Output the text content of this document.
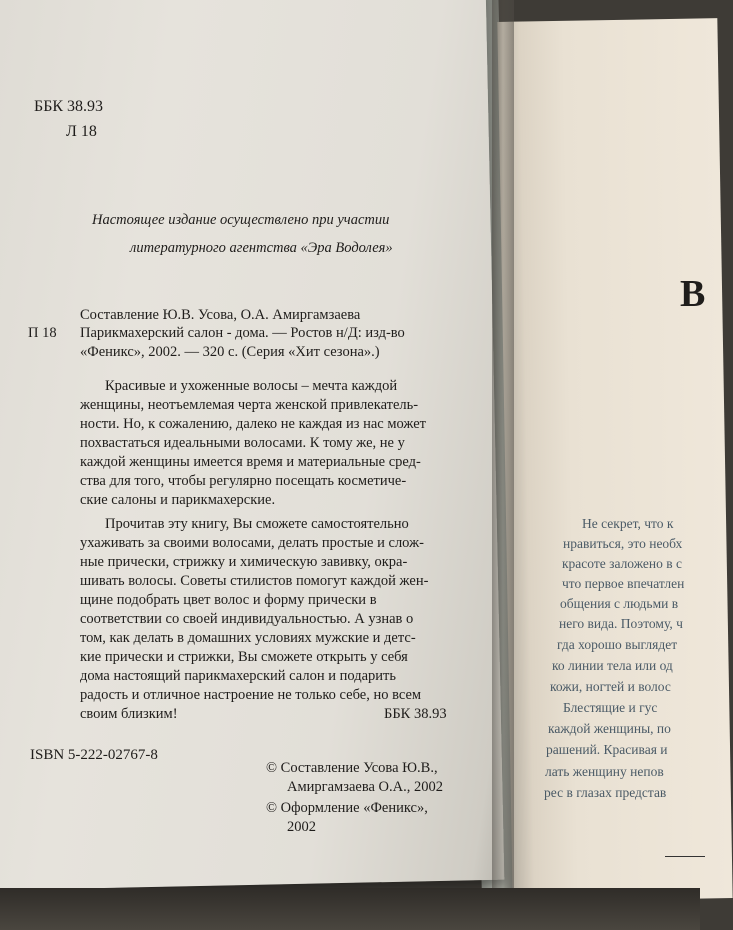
ББК 38.93
Л 18
Настоящее издание осуществлено при участии
литературного агентства «Эра Водолея»
Составление Ю.В. Усова, О.А. Амиргамзаева
П 18 Парикмахерский салон - дома. — Ростов н/Д: изд-во
«Феникс», 2002. — 320 с. (Серия «Хит сезона».)
Красивые и ухоженные волосы – мечта каждой
женщины, неотъемлемая черта женской привлекатель-
ности. Но, к сожалению, далеко не каждая из нас может
похвастаться идеальными волосами. К тому же, не у
каждой женщины имеется время и материальные сред-
ства для того, чтобы регулярно посещать косметиче-
ские салоны и парикмахерские.
Прочитав эту книгу, Вы сможете самостоятельно
ухаживать за своими волосами, делать простые и слож-
ные прически, стрижку и химическую завивку, окра-
шивать волосы. Советы стилистов помогут каждой жен-
щине подобрать цвет волос и форму прически в
соответствии со своей индивидуальностью. А узнав о
том, как делать в домашних условиях мужские и детс-
кие прически и стрижки, Вы сможете открыть у себя
дома настоящий парикмахерский салон и подарить
радость и отличное настроение не только себе, но всем
своим близким!	ББК 38.93
ISBN 5-222-02767-8
© Составление Усова Ю.В.,
Амиргамзаева О.А., 2002
© Оформление «Феникс»,
2002
В
Не секрет, что к
нравиться, это необх
красоте заложено в с
что первое впечатлен
общения с людьми в
него вида. Поэтому, ч
гда хорошо выглядет
ко линии тела или од
кожи, ногтей и волос
Блестящие и гус
каждой женщины, по
рашений. Красивая и
лать женщину непов
рес в глазах представ
